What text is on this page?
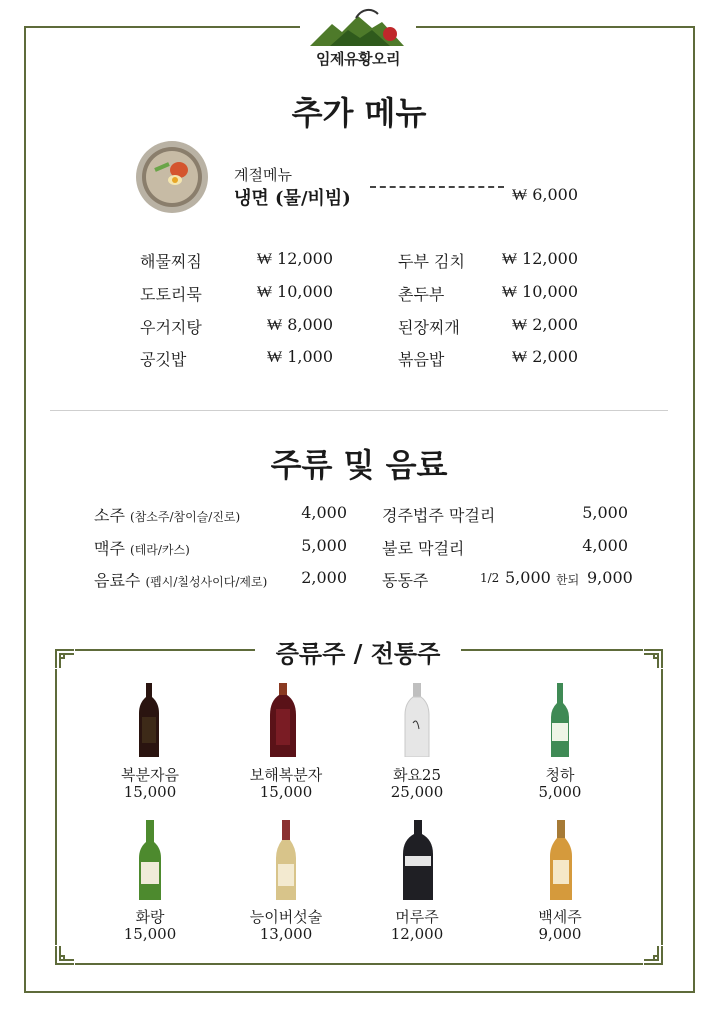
임제유황오리
추가 메뉴
계절메뉴
냉면 (물/비빔)	₩ 6,000
해물찌짐	₩ 12,000	두부 김치	₩ 12,000
도토리묵	₩ 10,000	촌두부	₩ 10,000
우거지탕	₩ 8,000	된장찌개	₩ 2,000
공깃밥	₩ 1,000	볶음밥	₩ 2,000
주류 및 음료
소주 (참소주/참이슬/진로)	4,000
맥주 (테라/카스)	5,000
음료수 (펩시/칠성사이다/제로)	2,000
경주법주 막걸리	5,000
불로 막걸리	4,000
동동주	1/2 5,000 한되 9,000
증류주 / 전통주
복분자음
15,000
보해복분자
15,000
화요25
25,000
청하
5,000
화랑
15,000
능이버섯술
13,000
머루주
12,000
백세주
9,000
